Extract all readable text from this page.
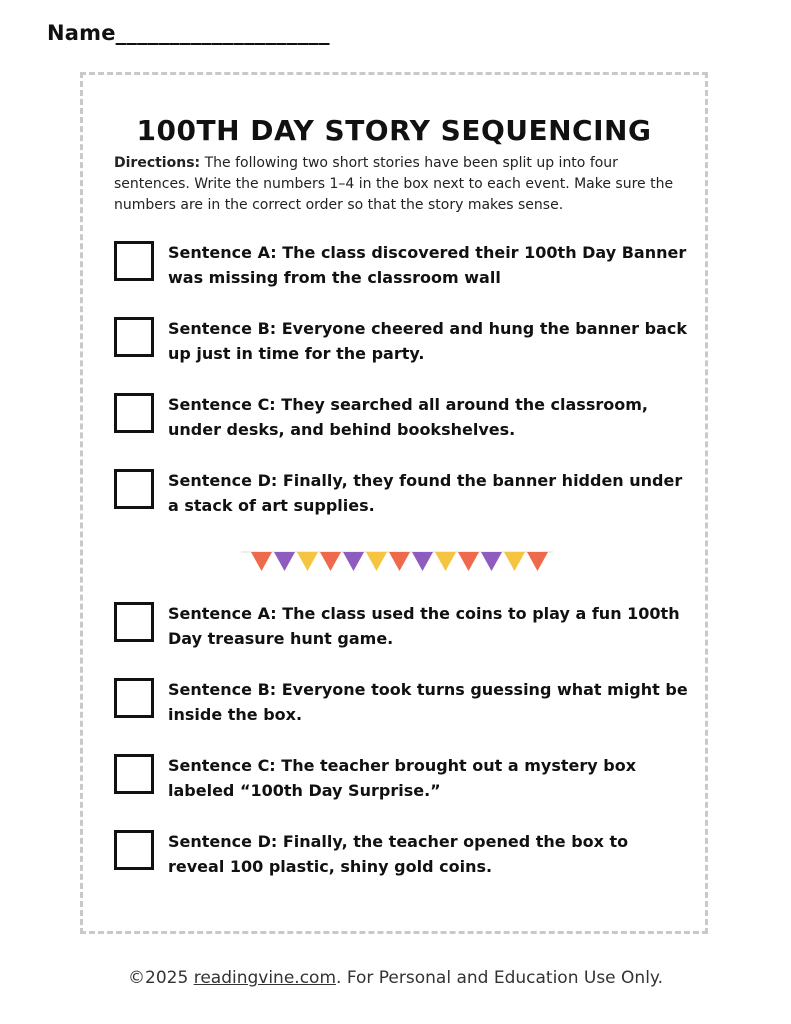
Name____________________
100TH DAY STORY SEQUENCING
Directions: The following two short stories have been split up into four sentences. Write the numbers 1–4 in the box next to each event. Make sure the numbers are in the correct order so that the story makes sense.
Sentence A: The class discovered their 100th Day Banner was missing from the classroom wall
Sentence B: Everyone cheered and hung the banner back up just in time for the party.
Sentence C: They searched all around the classroom, under desks, and behind bookshelves.
Sentence D: Finally, they found the banner hidden under a stack of art supplies.
Sentence A: The class used the coins to play a fun 100th Day treasure hunt game.
Sentence B: Everyone took turns guessing what might be inside the box.
Sentence C: The teacher brought out a mystery box labeled “100th Day Surprise.”
Sentence D: Finally, the teacher opened the box to reveal 100 plastic, shiny gold coins.
©2025 readingvine.com. For Personal and Education Use Only.
